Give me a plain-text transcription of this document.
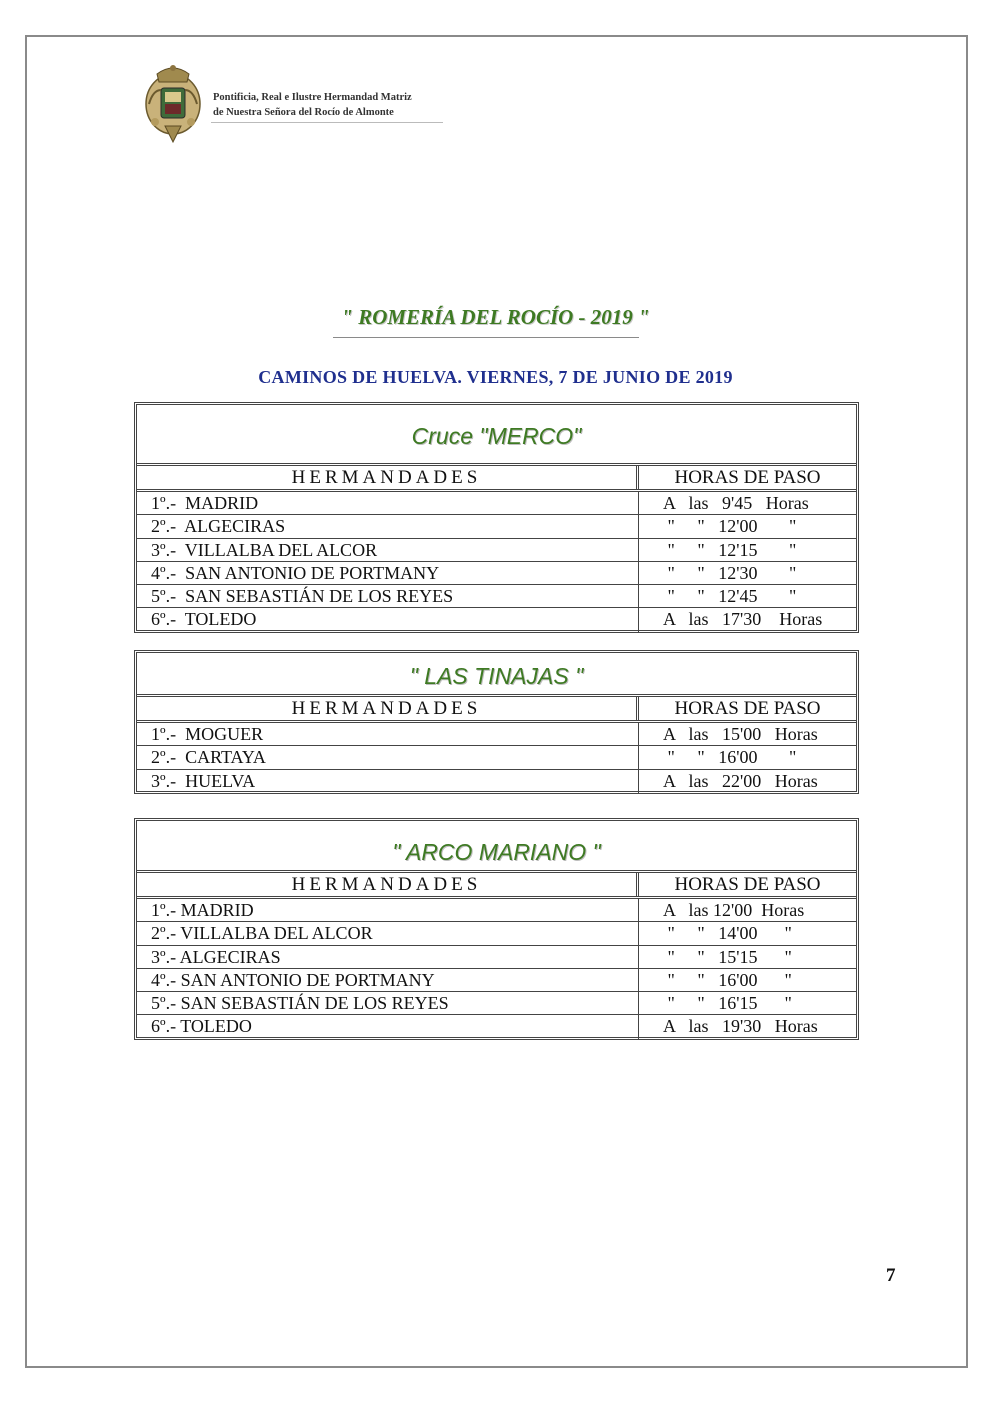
Pontificia, Real e Ilustre Hermandad Matriz
de Nuestra Señora del Rocío de Almonte
" ROMERÍA DEL ROCÍO - 2019 "
CAMINOS DE HUELVA. VIERNES, 7 DE JUNIO DE 2019
Cruce "MERCO"
HERMANDADES	HORAS DE PASO
1º.-  MADRID	A   las   9'45   Horas
2º.-  ALGECIRAS	"     "   12'00       "
3º.-  VILLALBA DEL ALCOR	"     "   12'15       "
4º.-  SAN ANTONIO DE PORTMANY	"     "   12'30       "
5º.-  SAN SEBASTIÁN DE LOS REYES	"     "   12'45       "
6º.-  TOLEDO	A   las   17'30    Horas
" LAS TINAJAS "
HERMANDADES	HORAS DE PASO
1º.-  MOGUER	A   las   15'00   Horas
2º.-  CARTAYA	"     "   16'00       "
3º.-  HUELVA	A   las   22'00   Horas
" ARCO MARIANO "
HERMANDADES	HORAS DE PASO
1º.- MADRID	A   las 12'00  Horas
2º.- VILLALBA DEL ALCOR	"     "   14'00      "
3º.- ALGECIRAS	"     "   15'15      "
4º.- SAN ANTONIO DE PORTMANY	"     "   16'00      "
5º.- SAN SEBASTIÁN DE LOS REYES	"     "   16'15      "
6º.- TOLEDO	A   las   19'30   Horas
7
